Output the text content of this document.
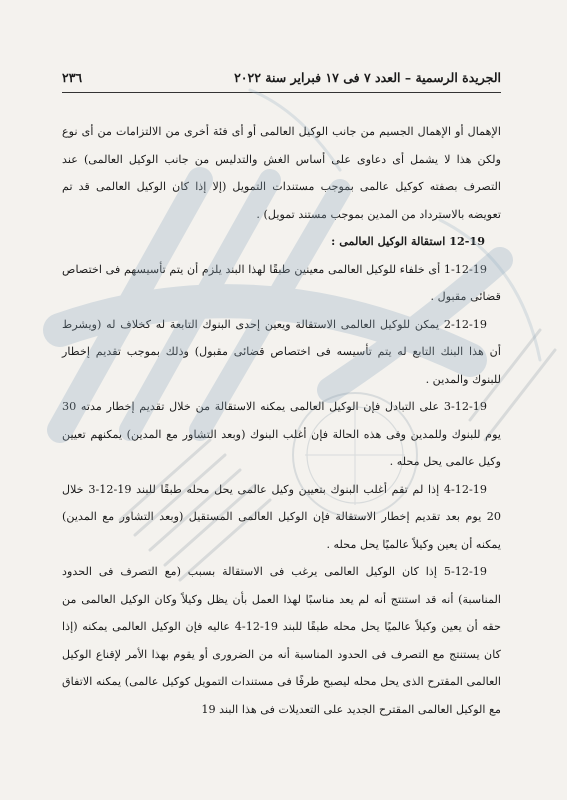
الجريدة الرسمية – العدد ٧ فى ١٧ فبراير سنة ٢٠٢٢
٢٣٦

الإهمال أو الإهمال الجسيم من جانب الوكيل العالمى أو أى فئة أخرى من الالتزامات من أى نوع ولكن هذا لا يشمل أى دعاوى على أساس الغش والتدليس من جانب الوكيل العالمى) عند التصرف بصفته كوكيل عالمى بموجب مستندات التمويل (إلا إذا كان الوكيل العالمى قد تم تعويضه بالاسترداد من المدين بموجب مستند تمويل) .

12-19 استقالة الوكيل العالمى :

1-12-19 أى خلفاء للوكيل العالمى معينين طبقًا لهذا البند يلزم أن يتم تأسيسهم فى اختصاص قضائى مقبول .

2-12-19 يمكن للوكيل العالمى الاستقالة ويعين إحدى البنوك التابعة له كخلاف له (ويشرط أن هذا البنك التابع له يتم تأسيسه فى اختصاص قضائى مقبول) وذلك بموجب تقديم إخطار للبنوك والمدين .

3-12-19 على التبادل فإن الوكيل العالمى يمكنه الاستقالة من خلال تقديم إخطار مدته 30 يوم للبنوك وللمدين وفى هذه الحالة فإن أغلب البنوك (وبعد التشاور مع المدين) يمكنهم تعيين وكيل عالمى يحل محله .

4-12-19 إذا لم تقم أغلب البنوك بتعيين وكيل عالمى يحل محله طبقًا للبند 19-12-3 خلال 20 يوم بعد تقديم إخطار الاستقالة فإن الوكيل العالمى المستقيل (وبعد التشاور مع المدين) يمكنه أن يعين وكيلاً عالميًا يحل محله .

5-12-19 إذا كان الوكيل العالمى يرغب فى الاستقالة بسبب (مع التصرف فى الحدود المناسبة) أنه قد استنتج أنه لم يعد مناسبًا لهذا العمل بأن يظل وكيلاً وكان الوكيل العالمى من حقه أن يعين وكيلاً عالميًا يحل محله طبقًا للبند 19-12-4 عاليه فإن الوكيل العالمى يمكنه (إذا كان يستنتج مع التصرف فى الحدود المناسبة أنه من الضرورى أو يقوم بهذا الأمر لإقناع الوكيل العالمى المقترح الذى يحل محله ليصبح طرفًا فى مستندات التمويل كوكيل عالمى) يمكنه الاتفاق مع الوكيل العالمى المقترح الجديد على التعديلات فى هذا البند 19
